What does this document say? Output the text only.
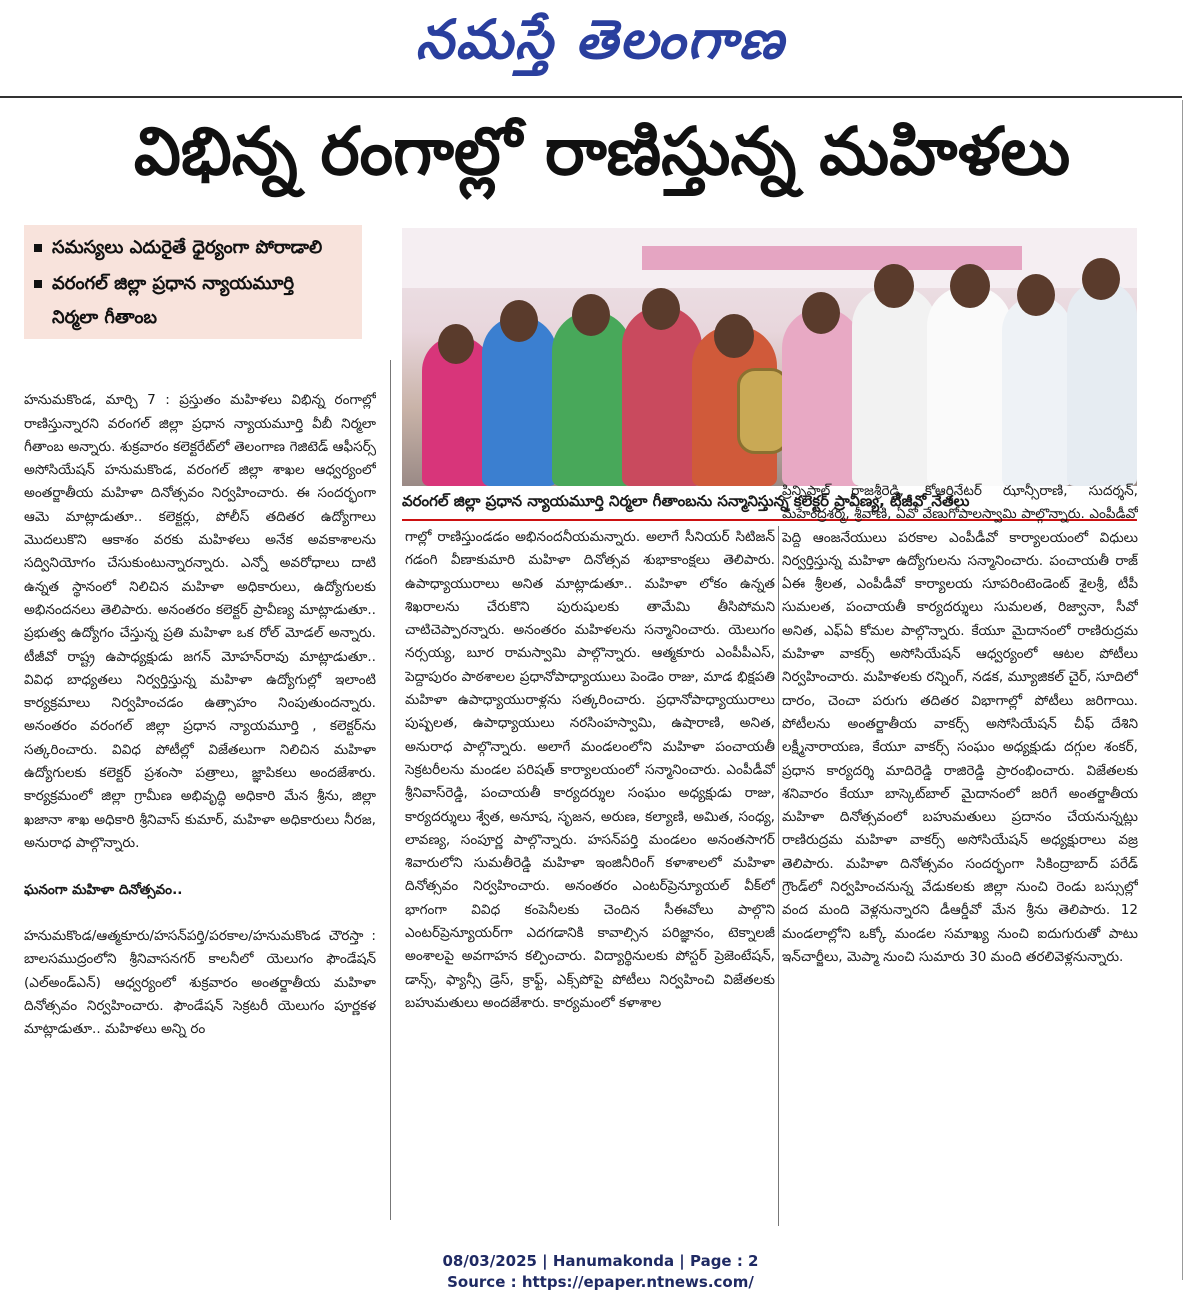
నమస్తే తెలంగాణ
విభిన్న రంగాల్లో రాణిస్తున్న మహిళలు
సమస్యలు ఎదురైతే ధైర్యంగా పోరాడాలి
వరంగల్ జిల్లా ప్రధాన న్యాయమూర్తి
నిర్మలా గీతాంబ
వరంగల్ జిల్లా ప్రధాన న్యాయమూర్తి నిర్మలా గీతాంబను సన్మానిస్తున్న కలెక్టర్ ప్రావీణ్య, టీజీవో నేతలు

హనుమకొండ, మార్చి 7 : ప్రస్తుతం మహిళలు విభిన్న రంగాల్లో రాణిస్తున్నారని వరంగల్ జిల్లా ప్రధాన న్యాయమూర్తి వీబీ నిర్మలా గీతాంబ అన్నారు. శుక్రవారం కలెక్టరేట్‌లో తెలంగాణ గెజిటెడ్ ఆఫీసర్స్ అసోసియేషన్ హనుమకొండ, వరంగల్ జిల్లా శాఖల ఆధ్వర్యంలో అంతర్జాతీయ మహిళా దినోత్సవం నిర్వహించారు. ఈ సందర్భంగా ఆమె మాట్లాడుతూ.. కలెక్టర్లు, పోలీస్ తదితర ఉద్యోగాలు మొదలుకొని ఆకాశం వరకు మహిళలు అనేక అవకాశాలను సద్వినియోగం చేసుకుంటున్నారన్నారు. ఎన్నో అవరోధాలు దాటి ఉన్నత స్థానంలో నిలిచిన మహిళా అధికారులు, ఉద్యోగులకు అభినందనలు తెలిపారు. అనంతరం కలెక్టర్ ప్రావీణ్య మాట్లాడుతూ.. ప్రభుత్వ ఉద్యోగం చేస్తున్న ప్రతి మహిళా ఒక రోల్ మోడల్ అన్నారు. టీజీవో రాష్ట్ర ఉపాధ్యక్షుడు జగన్ మోహన్‌రావు మాట్లాడుతూ.. వివిధ బాధ్యతలు నిర్వర్తిస్తున్న మహిళా ఉద్యోగుల్లో ఇలాంటి కార్యక్రమాలు నిర్వహించడం ఉత్సాహం నింపుతుందన్నారు. అనంతరం వరంగల్ జిల్లా ప్రధాన న్యాయమూర్తి , కలెక్టర్‌ను సత్కరించారు. వివిధ పోటీల్లో విజేతలుగా నిలిచిన మహిళా ఉద్యోగులకు కలెక్టర్ ప్రశంసా పత్రాలు, జ్ఞాపికలు అందజేశారు. కార్యక్రమంలో జిల్లా గ్రామీణ అభివృద్ధి అధికారి మేన శ్రీను, జిల్లా ఖజానా శాఖ అధికారి శ్రీనివాస్ కుమార్, మహిళా అధికారులు నీరజ, అనురాధ పాల్గొన్నారు.

ఘనంగా మహిళా దినోత్సవం..

హనుమకొండ/ఆత్మకూరు/హసన్‌పర్తి/పరకాల/హనుమకొండ చౌరస్తా : బాలసముద్రంలోని శ్రీనివాసనగర్ కాలనీలో యెలుగం ఫౌండేషన్ (ఎల్‌అండ్‌ఎన్) ఆధ్వర్యంలో శుక్రవారం అంతర్జాతీయ మహిళా దినోత్సవం నిర్వహించారు. ఫౌండేషన్ సెక్రటరీ యెలుగం పూర్ణకళ మాట్లాడుతూ.. మహిళలు అన్ని రం

గాల్లో రాణిస్తుండడం అభినందనీయమన్నారు. అలాగే సీనియర్ సిటిజన్ గడంగి వీణాకుమారి మహిళా దినోత్సవ శుభాకాంక్షలు తెలిపారు. ఉపాధ్యాయురాలు అనిత మాట్లాడుతూ.. మహిళా లోకం ఉన్నత శిఖరాలను చేరుకొని పురుషులకు తామేమి తీసిపోమని చాటిచెప్పారన్నారు. అనంతరం మహిళలను సన్మానించారు. యెలుగం నర్సయ్య, బూర రామస్వామి పాల్గొన్నారు. ఆత్మకూరు ఎంపీపీఎస్, పెద్దాపురం పాఠశాలల ప్రధానోపాధ్యాయులు పెండెం రాజు, మాడ భిక్షపతి మహిళా ఉపాధ్యాయురాళ్లను సత్కరించారు. ప్రధానోపాధ్యాయురాలు పుష్పలత, ఉపాధ్యాయులు నరసింహస్వామి, ఉషారాణి, అనిత, అనురాధ పాల్గొన్నారు. అలాగే మండలంలోని మహిళా పంచాయతీ సెక్రటరీలను మండల పరిషత్ కార్యాలయంలో సన్మానించారు. ఎంపీడీవో శ్రీనివాస్‌రెడ్డి, పంచాయతీ కార్యదర్శుల సంఘం అధ్యక్షుడు రాజు, కార్యదర్శులు శ్వేత, అనూష, సృజన, అరుణ, కల్యాణి, అమిత, సంధ్య, లావణ్య, సంపూర్ణ పాల్గొన్నారు. హసన్‌పర్తి మండలం అనంతసాగర్ శివారులోని సుమతీరెడ్డి మహిళా ఇంజినీరింగ్ కళాశాలలో మహిళా దినోత్సవం నిర్వహించారు. అనంతరం ఎంటర్‌ప్రెన్యూయల్ వీక్‌లో భాగంగా వివిధ కంపెనీలకు చెందిన సీఈవోలు పాల్గొని ఎంటర్‌ప్రెన్యూయర్‌గా ఎదగడానికి కావాల్సిన పరిజ్ఞానం, టెక్నాలజీ అంశాలపై అవగాహన కల్పించారు. విద్యార్థినులకు పోస్టర్ ప్రెజెంటేషన్, డాన్స్, ఫ్యాన్సీ డ్రెస్, క్రాఫ్ట్, ఎక్స్‌పోపై పోటీలు నిర్వహించి విజేతలకు బహుమతులు అందజేశారు. కార్యమంలో కళాశాల
ప్రిన్సిపాల్ రాజశ్రీరెడ్డి, కోఆర్డినేటర్ ఝాన్సీరాణి, సుదర్శన్, మహేంద్రశర్మ, శ్రీవాణి, ఏవో వేణుగోపాలస్వామి పాల్గొన్నారు. ఎంపీడీవో పెద్ది ఆంజనేయులు పరకాల ఎంపీడీవో కార్యాలయంలో విధులు నిర్వర్తిస్తున్న మహిళా ఉద్యోగులను సన్మానించారు. పంచాయతీ రాజ్ ఏఈ శ్రీలత, ఎంపీడీవో కార్యాలయ సూపరింటెండెంట్ శైలశ్రీ, టీపీ సుమలత, పంచాయతీ కార్యదర్శులు సుమలత, రిజ్వానా, సీవో అనిత, ఎఫ్ఏ కోమల పాల్గొన్నారు. కేయూ మైదానంలో రాణిరుద్రమ మహిళా వాకర్స్ అసోసియేషన్ ఆధ్వర్యంలో ఆటల పోటీలు నిర్వహించారు. మహిళలకు రన్నింగ్, నడక, మ్యూజికల్ చైర్, సూదిలో దారం, చెంచా పరుగు తదితర విభాగాల్లో పోటీలు జరిగాయి. పోటీలను అంతర్జాతీయ వాకర్స్ అసోసియేషన్ చీఫ్ దేశిని లక్ష్మీనారాయణ, కేయూ వాకర్స్ సంఘం అధ్యక్షుడు దగ్గుల శంకర్, ప్రధాన కార్యదర్శి మాదిరెడ్డి రాజిరెడ్డి ప్రారంభించారు. విజేతలకు శనివారం కేయూ బాస్కెట్‌బాల్ మైదానంలో జరిగే అంతర్జాతీయ మహిళా దినోత్సవంలో బహుమతులు ప్రదానం చేయనున్నట్లు రాణిరుద్రమ మహిళా వాకర్స్ అసోసియేషన్ అధ్యక్షురాలు వజ్ర తెలిపారు. మహిళా దినోత్సవం సందర్భంగా సికింద్రాబాద్ పరేడ్ గ్రౌండ్‌లో నిర్వహించనున్న వేడుకలకు జిల్లా నుంచి రెండు బస్సుల్లో వంద మంది వెళ్లనున్నారని డీఆర్డీవో మేన శ్రీను తెలిపారు. 12 మండలాల్లోని ఒక్కో మండల సమాఖ్య నుంచి ఐదుగురుతో పాటు ఇన్‌చార్జీలు, మెప్మా నుంచి సుమారు 30 మంది తరలివెళ్లనున్నారు.
08/03/2025 | Hanumakonda | Page : 2
Source : https://epaper.ntnews.com/
